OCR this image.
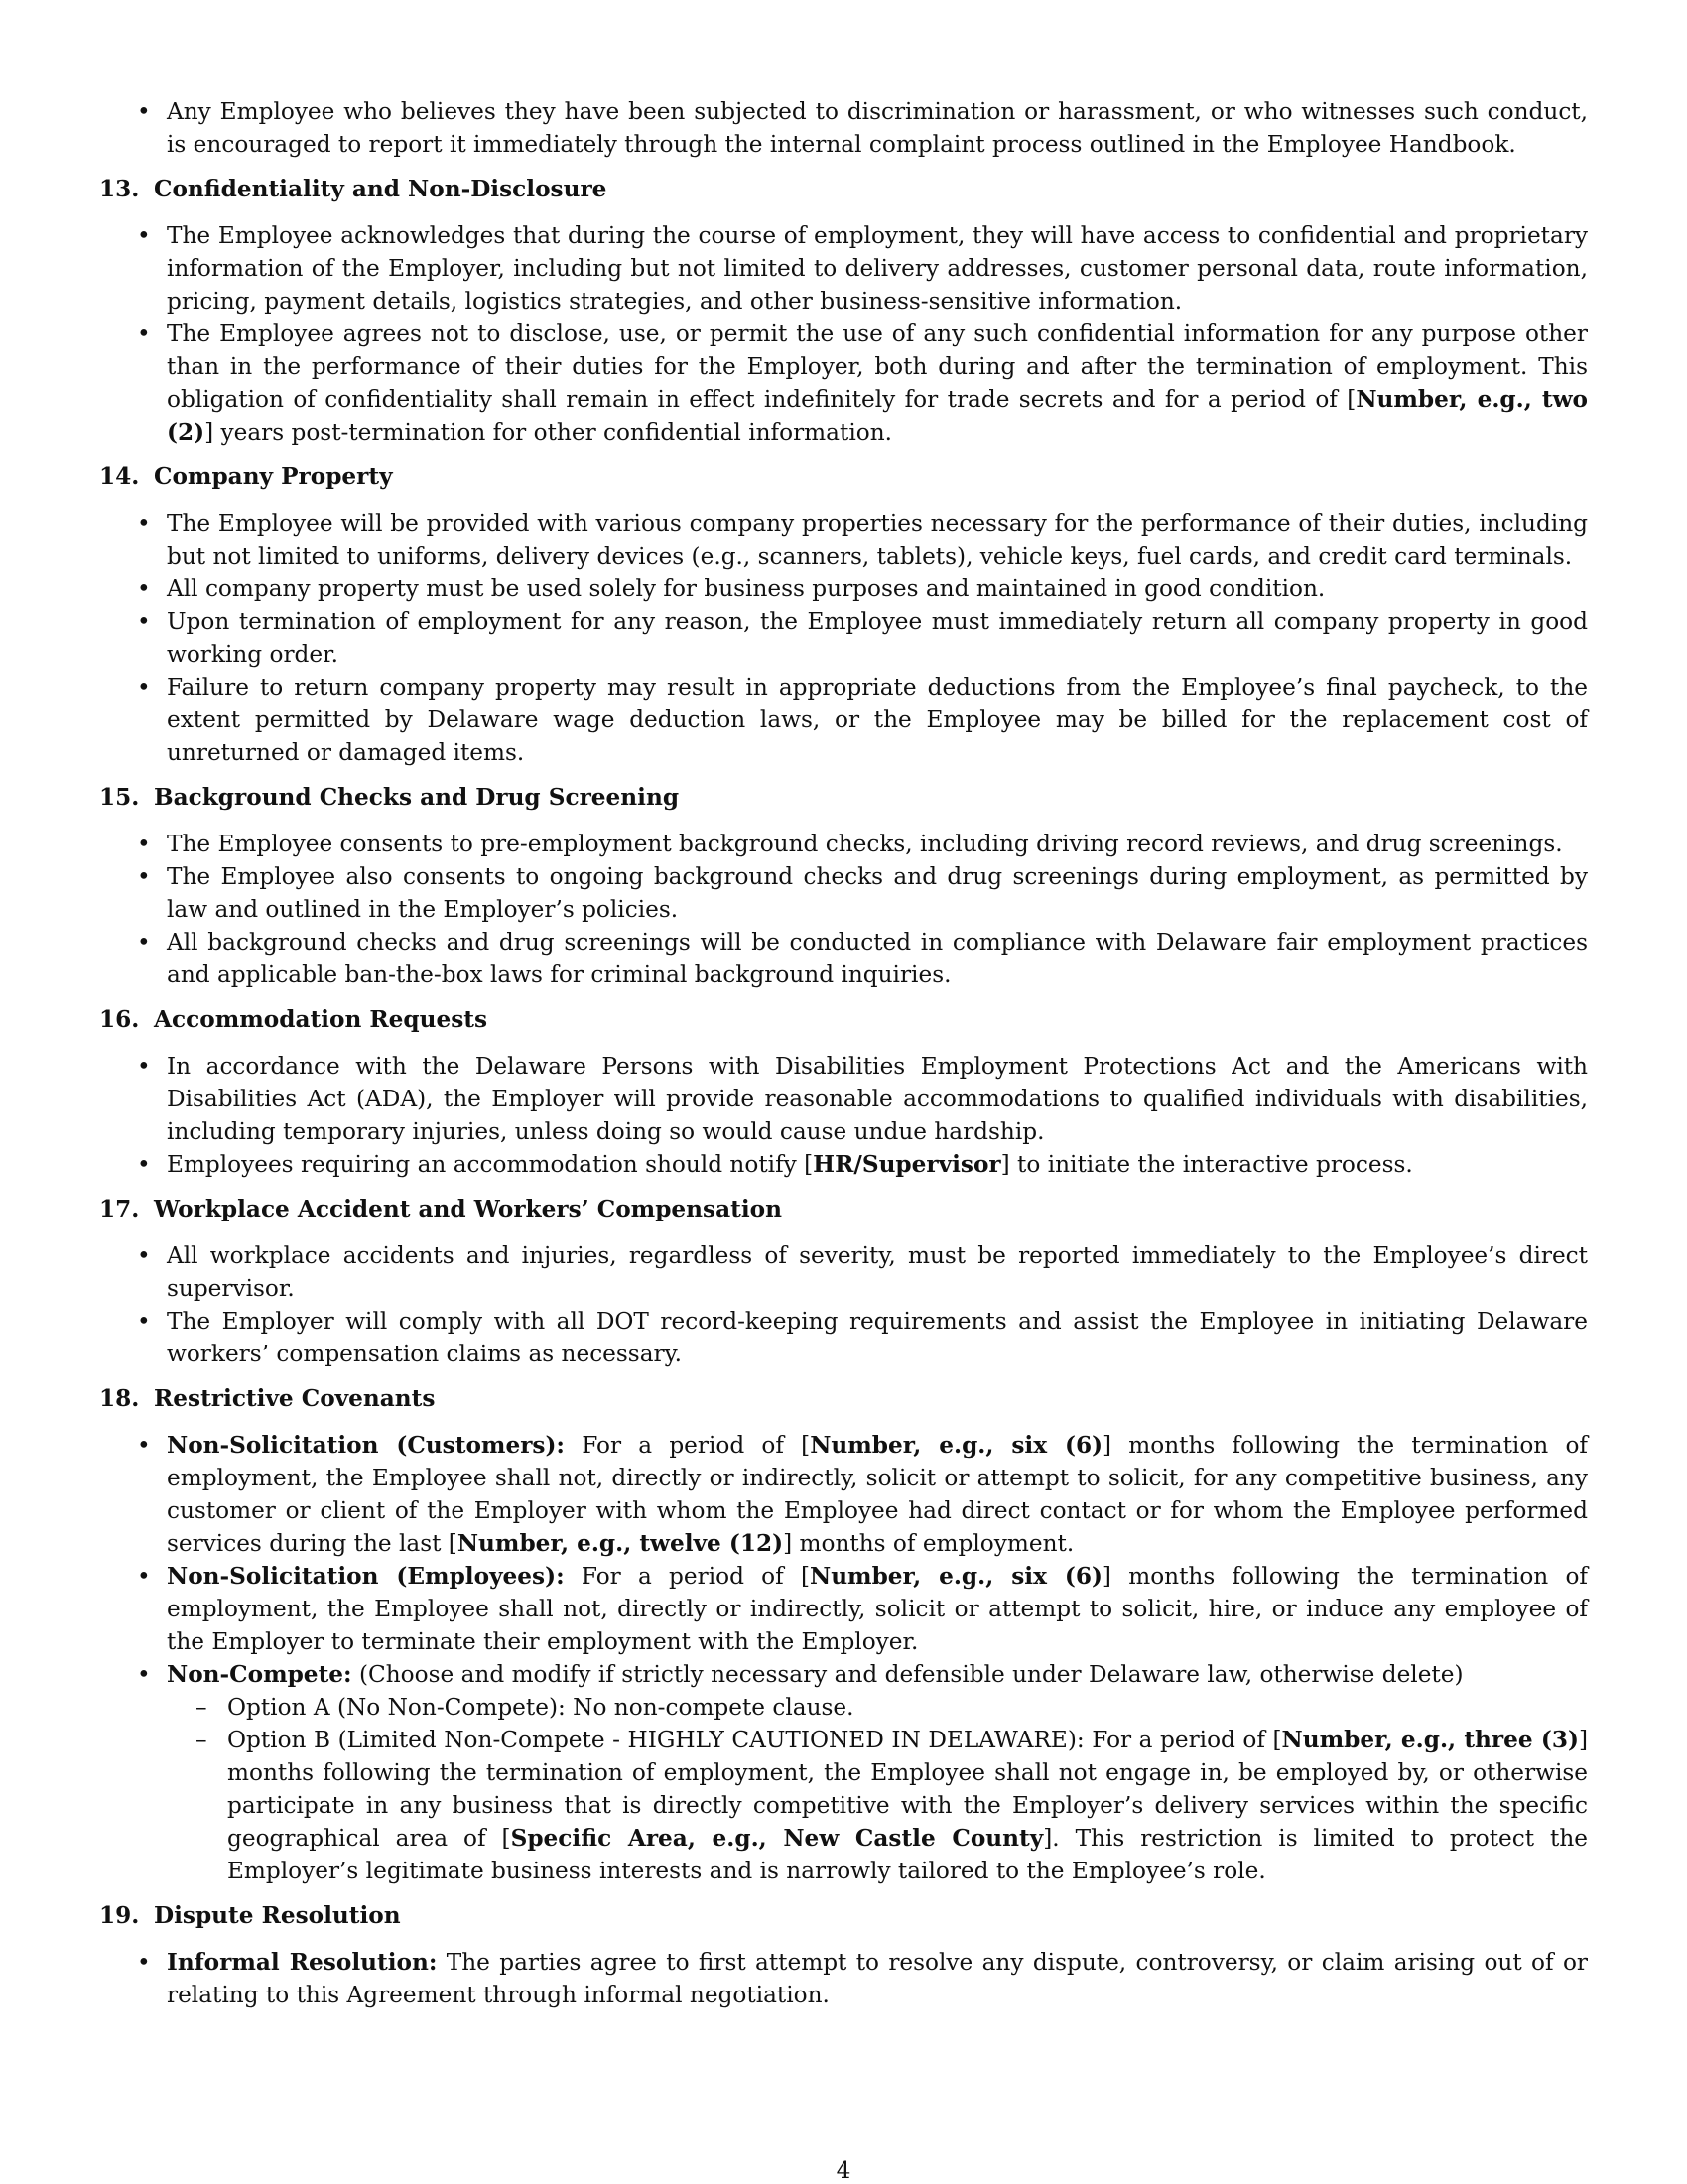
• Any Employee who believes they have been subjected to discrimination or harassment, or who witnesses such conduct, is encouraged to report it immediately through the internal complaint process outlined in the Employee Handbook.
13. Confidentiality and Non-Disclosure
• The Employee acknowledges that during the course of employment, they will have access to confidential and proprietary information of the Employer, including but not limited to delivery addresses, customer personal data, route information, pricing, payment details, logistics strategies, and other business-sensitive information.
• The Employee agrees not to disclose, use, or permit the use of any such confidential information for any purpose other than in the performance of their duties for the Employer, both during and after the termination of employment. This obligation of confidentiality shall remain in effect indefinitely for trade secrets and for a period of [Number, e.g., two (2)] years post-termination for other confidential information.
14. Company Property
• The Employee will be provided with various company properties necessary for the performance of their duties, including but not limited to uniforms, delivery devices (e.g., scanners, tablets), vehicle keys, fuel cards, and credit card terminals.
• All company property must be used solely for business purposes and maintained in good condition.
• Upon termination of employment for any reason, the Employee must immediately return all company property in good working order.
• Failure to return company property may result in appropriate deductions from the Employee’s final paycheck, to the extent permitted by Delaware wage deduction laws, or the Employee may be billed for the replacement cost of unreturned or damaged items.
15. Background Checks and Drug Screening
• The Employee consents to pre-employment background checks, including driving record reviews, and drug screenings.
• The Employee also consents to ongoing background checks and drug screenings during employment, as permitted by law and outlined in the Employer’s policies.
• All background checks and drug screenings will be conducted in compliance with Delaware fair employment practices and applicable ban-the-box laws for criminal background inquiries.
16. Accommodation Requests
• In accordance with the Delaware Persons with Disabilities Employment Protections Act and the Americans with Disabilities Act (ADA), the Employer will provide reasonable accommodations to qualified individuals with disabilities, including temporary injuries, unless doing so would cause undue hardship.
• Employees requiring an accommodation should notify [HR/Supervisor] to initiate the interactive process.
17. Workplace Accident and Workers’ Compensation
• All workplace accidents and injuries, regardless of severity, must be reported immediately to the Employee’s direct supervisor.
• The Employer will comply with all DOT record-keeping requirements and assist the Employee in initiating Delaware workers’ compensation claims as necessary.
18. Restrictive Covenants
• Non-Solicitation (Customers): For a period of [Number, e.g., six (6)] months following the termination of employment, the Employee shall not, directly or indirectly, solicit or attempt to solicit, for any competitive business, any customer or client of the Employer with whom the Employee had direct contact or for whom the Employee performed services during the last [Number, e.g., twelve (12)] months of employment.
• Non-Solicitation (Employees): For a period of [Number, e.g., six (6)] months following the termination of employment, the Employee shall not, directly or indirectly, solicit or attempt to solicit, hire, or induce any employee of the Employer to terminate their employment with the Employer.
• Non-Compete: (Choose and modify if strictly necessary and defensible under Delaware law, otherwise delete)
– Option A (No Non-Compete): No non-compete clause.
– Option B (Limited Non-Compete - HIGHLY CAUTIONED IN DELAWARE): For a period of [Number, e.g., three (3)] months following the termination of employment, the Employee shall not engage in, be employed by, or otherwise participate in any business that is directly competitive with the Employer’s delivery services within the specific geographical area of [Specific Area, e.g., New Castle County]. This restriction is limited to protect the Employer’s legitimate business interests and is narrowly tailored to the Employee’s role.
19. Dispute Resolution
• Informal Resolution: The parties agree to first attempt to resolve any dispute, controversy, or claim arising out of or relating to this Agreement through informal negotiation.
4
